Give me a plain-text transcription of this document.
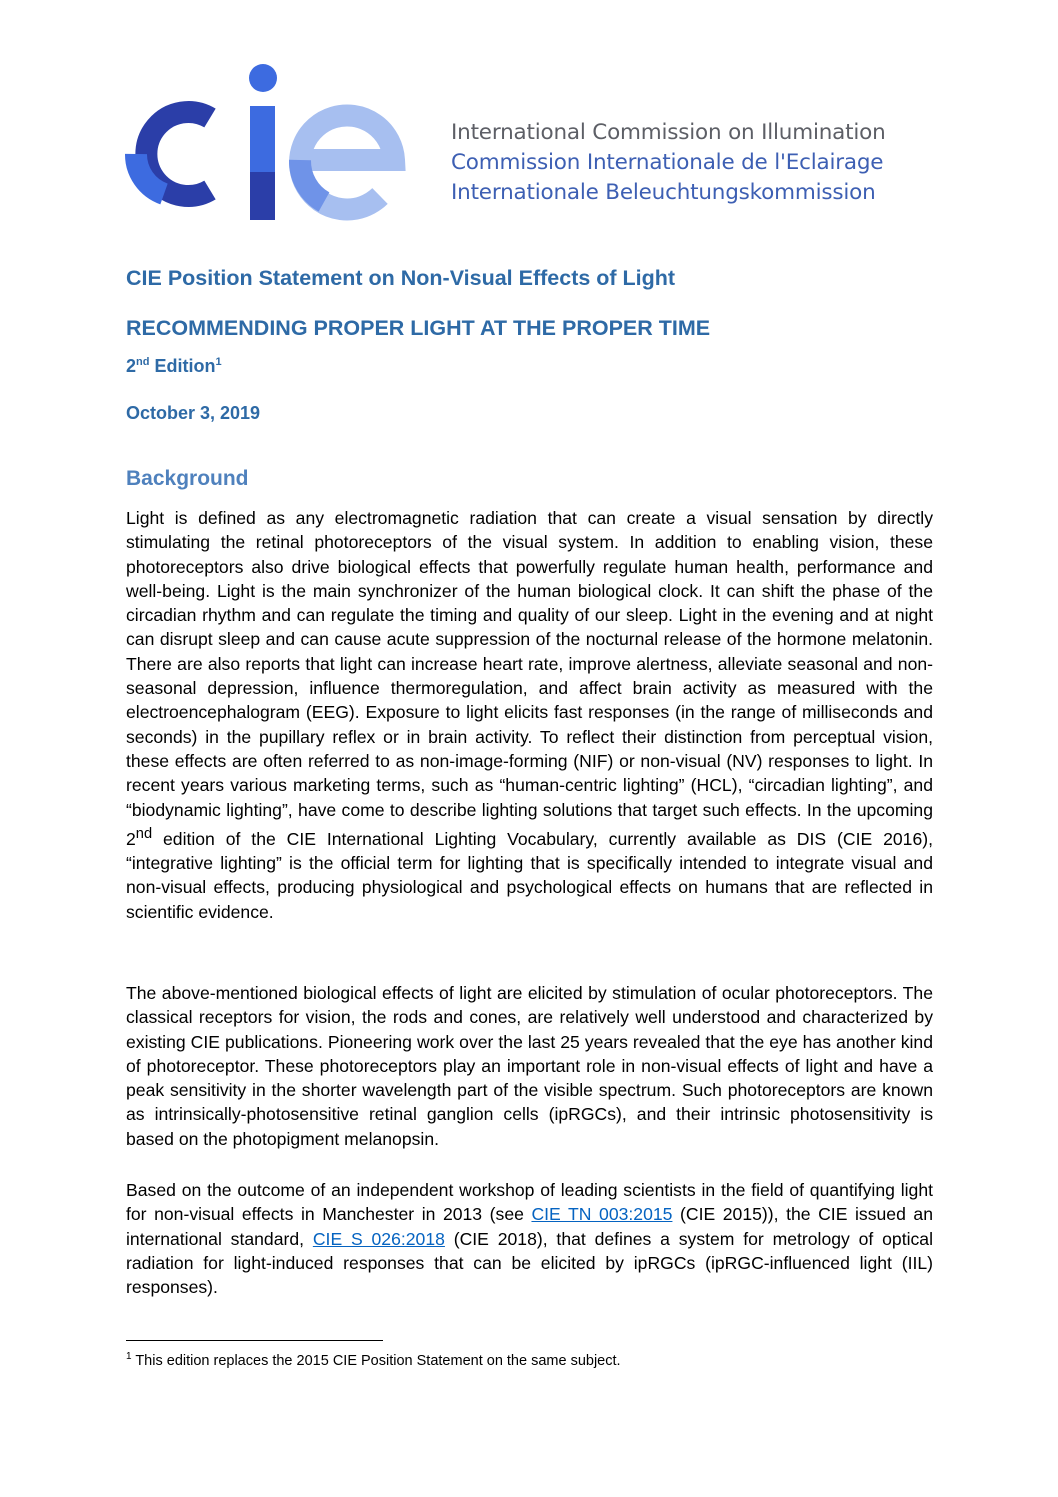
International Commission on Illumination
Commission Internationale de l'Eclairage
Internationale Beleuchtungskommission
CIE Position Statement on Non-Visual Effects of Light
RECOMMENDING PROPER LIGHT AT THE PROPER TIME
2nd Edition$^1$
October 3, 2019
Background

Light is defined as any electromagnetic radiation that can create a visual sensation by directly stimulating the retinal photoreceptors of the visual system. In addition to enabling vision, these photoreceptors also drive biological effects that powerfully regulate human health, performance and well-being. Light is the main synchronizer of the human biological clock. It can shift the phase of the circadian rhythm and can regulate the timing and quality of our sleep. Light in the evening and at night can disrupt sleep and can cause acute suppression of the nocturnal release of the hormone melatonin. There are also reports that light can increase heart rate, improve alertness, alleviate seasonal and non-seasonal depression, influence thermoregulation, and affect brain activity as measured with the electroencephalogram (EEG). Exposure to light elicits fast responses (in the range of milliseconds and seconds) in the pupillary reflex or in brain activity. To reflect their distinction from perceptual vision, these effects are often referred to as non-image-forming (NIF) or non-visual (NV) responses to light. In recent years various marketing terms, such as “human-centric lighting” (HCL), “circadian lighting”, and “biodynamic lighting”, have come to describe lighting solutions that target such effects. In the upcoming 2nd edition of the CIE International Lighting Vocabulary, currently available as DIS (CIE 2016), “integrative lighting” is the official term for lighting that is specifically intended to integrate visual and non-visual effects, producing physiological and psychological effects on humans that are reflected in scientific evidence.

The above-mentioned biological effects of light are elicited by stimulation of ocular photoreceptors. The classical receptors for vision, the rods and cones, are relatively well understood and characterized by existing CIE publications. Pioneering work over the last 25 years revealed that the eye has another kind of photoreceptor. These photoreceptors play an important role in non-visual effects of light and have a peak sensitivity in the shorter wavelength part of the visible spectrum. Such photoreceptors are known as intrinsically-photosensitive retinal ganglion cells (ipRGCs), and their intrinsic photosensitivity is based on the photopigment melanopsin.

Based on the outcome of an independent workshop of leading scientists in the field of quantifying light for non-visual effects in Manchester in 2013 (see CIE TN 003:2015 (CIE 2015)), the CIE issued an international standard, CIE S 026:2018 (CIE 2018), that defines a system for metrology of optical radiation for light-induced responses that can be elicited by ipRGCs (ipRGC-influenced light (IIL) responses).

$^1$ This edition replaces the 2015 CIE Position Statement on the same subject.
